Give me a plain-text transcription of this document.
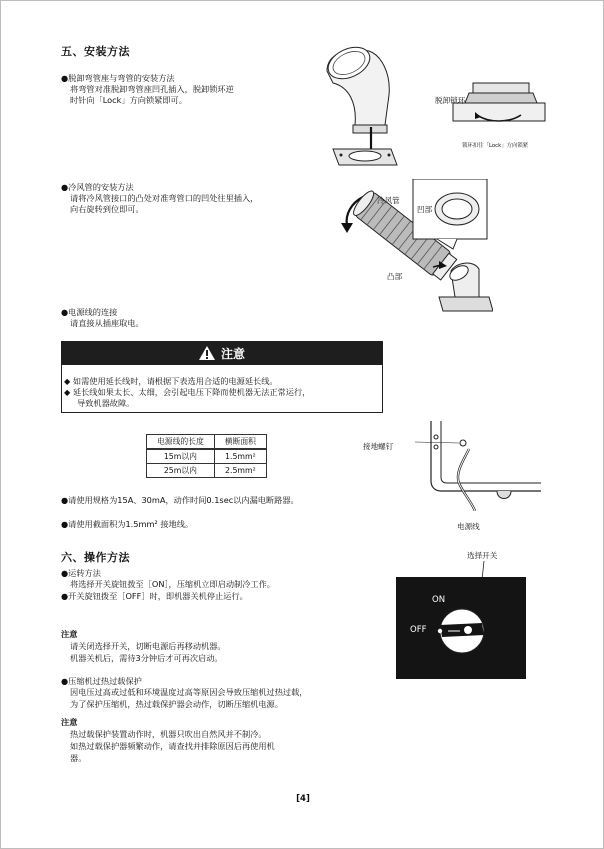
五、安装方法
●脱卸弯管座与弯管的安装方法
将弯管对准脱卸弯管座凹孔插入，脱卸锁环逆
时针向「Lock」方向锁紧即可。	脱卸锁环
锁环扣往「Lock」方向锁紧
●冷风管的安装方法
请将冷风管接口的凸处对准弯管口的凹处往里插入，
向右旋转到位即可。
冷风管
凹部
凸部
●电源线的连接
请直接从插座取电。
注意
◆ 如需使用延长线时，请根据下表选用合适的电源延长线。
◆ 延长线如果太长、太细，会引起电压下降而使机器无法正常运行，
导致机器故障。
电源线的长度	横断面积
15m以内	1.5mm²
25m以内	2.5mm²
接地螺钉
电源线
●请使用规格为15A、30mA，动作时间0.1sec以内漏电断路器。
●请使用截面积为1.5mm² 接地线。
六、操作方法
●运转方法
将选择开关旋钮拨至［ON］，压缩机立即启动制冷工作。
●开关旋钮拨至［OFF］时，即机器关机停止运行。
选择开关
ON
OFF
注意
请关闭选择开关，切断电源后再移动机器。
机器关机后，需待3分钟后才可再次启动。
●压缩机过热过载保护
因电压过高或过低和环境温度过高等原因会导致压缩机过热过载，
为了保护压缩机，热过载保护器会动作，切断压缩机电源。
注意
热过载保护装置动作时，机器只吹出自然风并不制冷。
如热过载保护器频繁动作，请查找并排除原因后再使用机
器。
[4]
